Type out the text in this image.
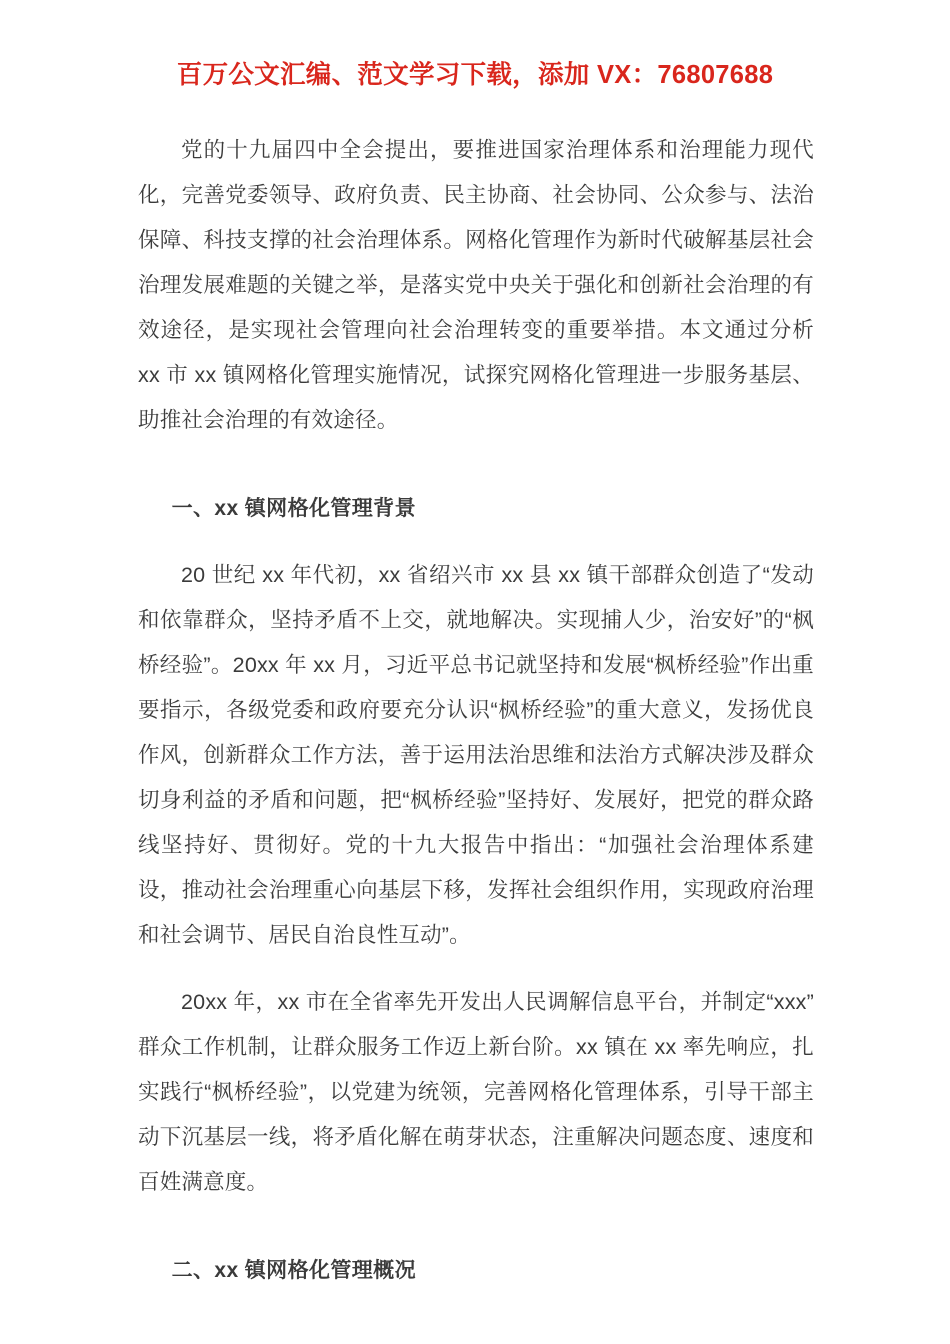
百万公文汇编、范文学习下载，添加 VX：76807688

党的十九届四中全会提出，要推进国家治理体系和治理能力现代化，完善党委领导、政府负责、民主协商、社会协同、公众参与、法治保障、科技支撑的社会治理体系。网格化管理作为新时代破解基层社会治理发展难题的关键之举，是落实党中央关于强化和创新社会治理的有效途径，是实现社会管理向社会治理转变的重要举措。本文通过分析 xx 市 xx 镇网格化管理实施情况，试探究网格化管理进一步服务基层、助推社会治理的有效途径。

一、xx 镇网格化管理背景

20 世纪 xx 年代初，xx 省绍兴市 xx 县 xx 镇干部群众创造了“发动和依靠群众，坚持矛盾不上交，就地解决。实现捕人少，治安好”的“枫桥经验”。20xx 年 xx 月，习近平总书记就坚持和发展“枫桥经验”作出重要指示，各级党委和政府要充分认识“枫桥经验”的重大意义，发扬优良作风，创新群众工作方法，善于运用法治思维和法治方式解决涉及群众切身利益的矛盾和问题，把“枫桥经验”坚持好、发展好，把党的群众路线坚持好、贯彻好。党的十九大报告中指出：“加强社会治理体系建设，推动社会治理重心向基层下移，发挥社会组织作用，实现政府治理和社会调节、居民自治良性互动”。

20xx 年，xx 市在全省率先开发出人民调解信息平台，并制定“xxx”群众工作机制，让群众服务工作迈上新台阶。xx 镇在 xx 率先响应，扎实践行“枫桥经验”，以党建为统领，完善网格化管理体系，引导干部主动下沉基层一线，将矛盾化解在萌芽状态，注重解决问题态度、速度和百姓满意度。

二、xx 镇网格化管理概况
